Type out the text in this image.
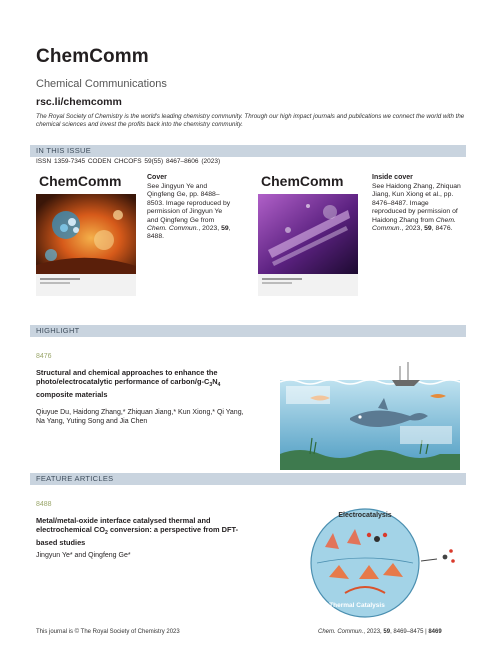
ChemComm
Chemical Communications
rsc.li/chemcomm
The Royal Society of Chemistry is the world's leading chemistry community. Through our high impact journals and publications we connect the world with the chemical sciences and invest the profits back into the chemistry community.
IN THIS ISSUE
ISSN 1359-7345 CODEN CHCOFS 59(55) 8467–8606 (2023)
ChemComm	Cover
See Jingyun Ye and Qingfeng Ge, pp. 8488–8503. Image reproduced by permission of Jingyun Ye and Qingfeng Ge from Chem. Commun., 2023, 59, 8488.
ChemComm	Inside cover
See Haidong Zhang, Zhiquan Jiang, Kun Xiong et al., pp. 8476–8487. Image reproduced by permission of Haidong Zhang from Chem. Commun., 2023, 59, 8476.
HIGHLIGHT
8476
Structural and chemical approaches to enhance the photo/electrocatalytic performance of carbon/$g-C_3N_4$ composite materials
Qiuyue Du, Haidong Zhang,* Zhiquan Jiang,* Kun Xiong,* Qi Yang, Na Yang, Yuting Song and Jia Chen
FEATURE ARTICLES
8488
Metal/metal-oxide interface catalysed thermal and electrochemical $CO_2$ conversion: a perspective from DFT-based studies
Jingyun Ye* and Qingfeng Ge*
Electrocatalysis
Thermal Catalysis
This journal is © The Royal Society of Chemistry 2023	Chem. Commun., 2023, 59, 8469–8475 | 8469
